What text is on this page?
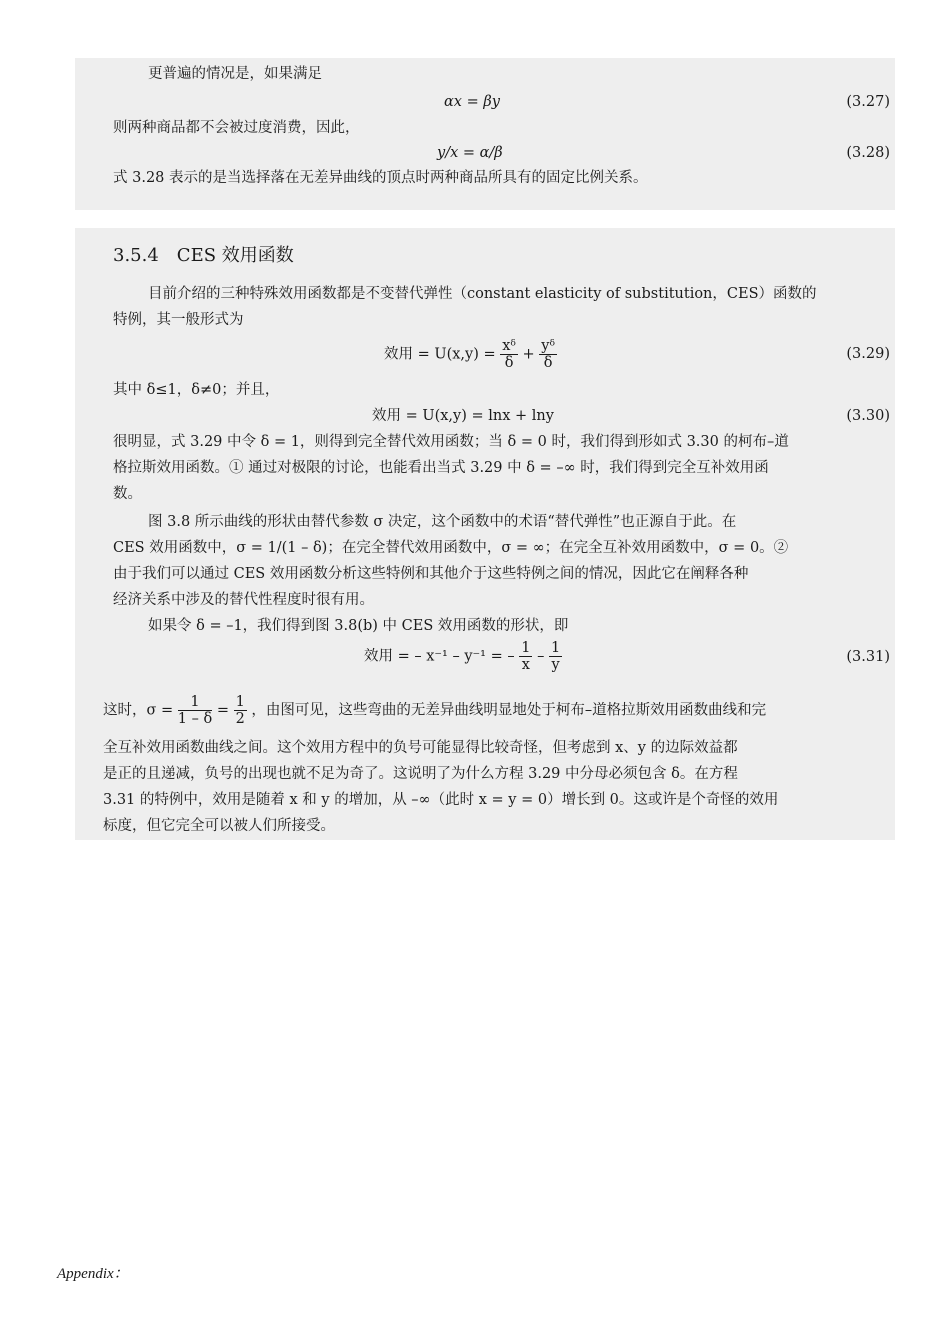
更普遍的情况是，如果满足
αx = βy	(3.27)
则两种商品都不会被过度消费，因此，
y/x = α/β	(3.28)
式 3.28 表示的是当选择落在无差异曲线的顶点时两种商品所具有的固定比例关系。
3.5.4　CES 效用函数
目前介绍的三种特殊效用函数都是不变替代弹性（constant elasticity of substitution，CES）函数的
特例，其一般形式为
效用 = $U(x,y) = \frac{\text{xᵟ}}{\delta} + \frac{\text{yᵟ}}{\delta}$	(3.29)
其中 δ≤1，δ≠0；并且，
效用 = U(x,y) = lnx + lny	(3.30)
很明显，式 3.29 中令 δ = 1，则得到完全替代效用函数；当 δ = 0 时，我们得到形如式 3.30 的柯布–道
格拉斯效用函数。① 通过对极限的讨论，也能看出当式 3.29 中 δ = –∞ 时，我们得到完全互补效用函
数。
图 3.8 所示曲线的形状由替代参数 σ 决定，这个函数中的术语“替代弹性”也正源自于此。在
CES 效用函数中，σ = 1/(1 – δ)；在完全替代效用函数中，σ = ∞；在完全互补效用函数中，σ = 0。②
由于我们可以通过 CES 效用函数分析这些特例和其他介于这些特例之间的情况，因此它在阐释各种
经济关系中涉及的替代性程度时很有用。
如果令 δ = –1，我们得到图 3.8(b) 中 CES 效用函数的形状，即
效用 = – x⁻¹ – y⁻¹ = – $\frac{1}{x} - \frac{1}{y}$	(3.31)
这时，$\sigma = \frac{1}{1 - \delta} = \frac{1}{2}$ ，由图可见，这些弯曲的无差异曲线明显地处于柯布–道格拉斯效用函数曲线和完
全互补效用函数曲线之间。这个效用方程中的负号可能显得比较奇怪，但考虑到 x、y 的边际效益都
是正的且递减，负号的出现也就不足为奇了。这说明了为什么方程 3.29 中分母必须包含 δ。在方程
3.31 的特例中，效用是随着 x 和 y 的增加，从 –∞（此时 x = y = 0）增长到 0。这或许是个奇怪的效用
标度，但它完全可以被人们所接受。
Appendix：
